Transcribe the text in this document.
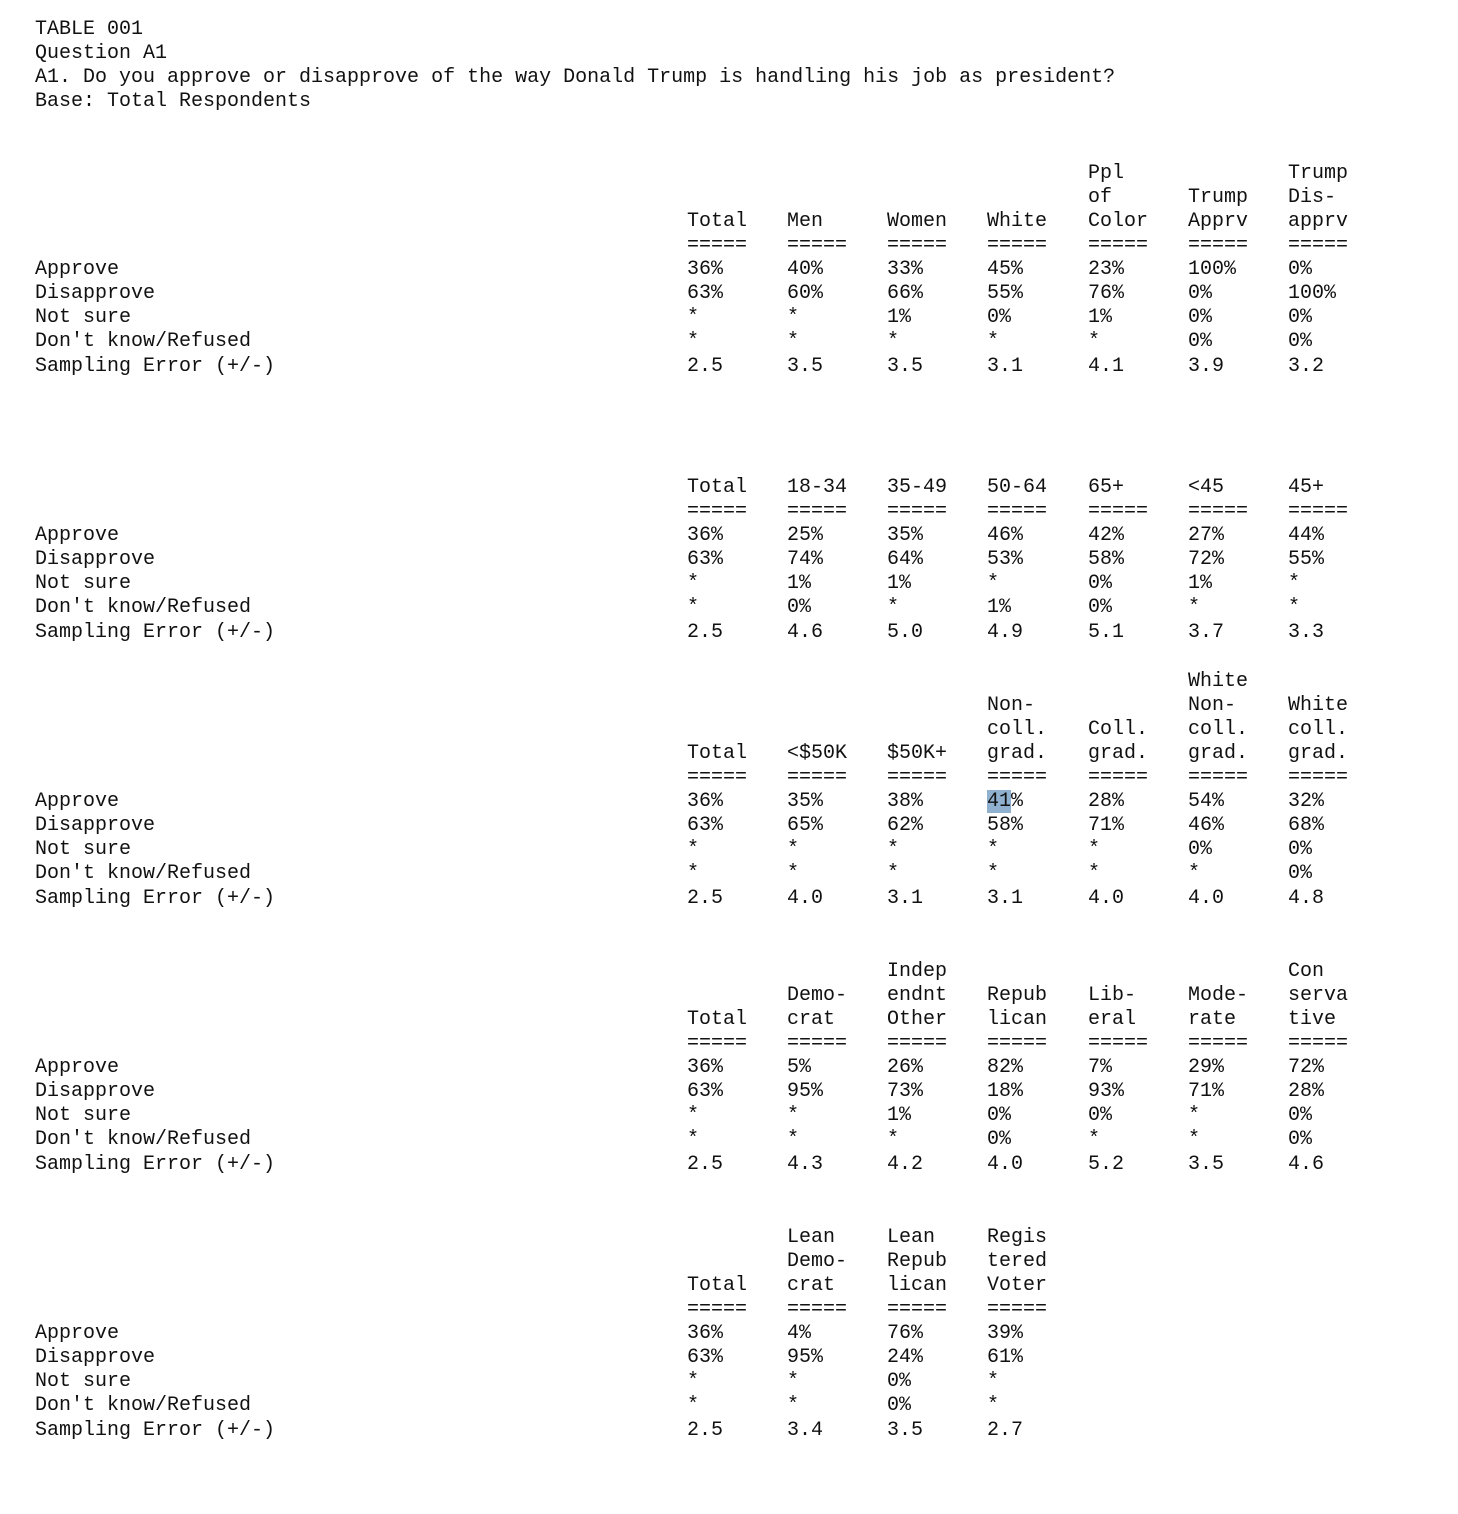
TABLE 001
Question A1
A1. Do you approve or disapprove of the way Donald Trump is handling his job as president?
Base: Total Respondents
Approve
Disapprove
Not sure
Don't know/Refused
Sampling Error (+/-)
Total
=====
36%
63%
*
*
2.5
Men
=====
40%
60%
*
*
3.5
Women
=====
33%
66%
1%
*
3.5
White
=====
45%
55%
0%
*
3.1
Ppl
of
Color
=====
23%
76%
1%
*
4.1
Trump
Apprv
=====
100%
0%
0%
0%
3.9
Trump
Dis-
apprv
=====
0%
100%
0%
0%
3.2
Approve
Disapprove
Not sure
Don't know/Refused
Sampling Error (+/-)
Total
=====
36%
63%
*
*
2.5
18-34
=====
25%
74%
1%
0%
4.6
35-49
=====
35%
64%
1%
*
5.0
50-64
=====
46%
53%
*
1%
4.9
65+
=====
42%
58%
0%
0%
5.1
<45
=====
27%
72%
1%
*
3.7
45+
=====
44%
55%
*
*
3.3
Approve
Disapprove
Not sure
Don't know/Refused
Sampling Error (+/-)
Total
=====
36%
63%
*
*
2.5
<$50K
=====
35%
65%
*
*
4.0
$50K+
=====
38%
62%
*
*
3.1
Non-
coll.
grad.
=====
41%
58%
*
*
3.1
Coll.
grad.
=====
28%
71%
*
*
4.0
White
Non-
coll.
grad.
=====
54%
46%
0%
*
4.0
White
coll.
grad.
=====
32%
68%
0%
0%
4.8
Approve
Disapprove
Not sure
Don't know/Refused
Sampling Error (+/-)
Total
=====
36%
63%
*
*
2.5
Demo-
crat
=====
5%
95%
*
*
4.3
Indep
endnt
Other
=====
26%
73%
1%
*
4.2
Repub
lican
=====
82%
18%
0%
0%
4.0
Lib-
eral
=====
7%
93%
0%
*
5.2
Mode-
rate
=====
29%
71%
*
*
3.5
Con
serva
tive
=====
72%
28%
0%
0%
4.6
Approve
Disapprove
Not sure
Don't know/Refused
Sampling Error (+/-)
Total
=====
36%
63%
*
*
2.5
Lean
Demo-
crat
=====
4%
95%
*
*
3.4
Lean
Repub
lican
=====
76%
24%
0%
0%
3.5
Regis
tered
Voter
=====
39%
61%
*
*
2.7
